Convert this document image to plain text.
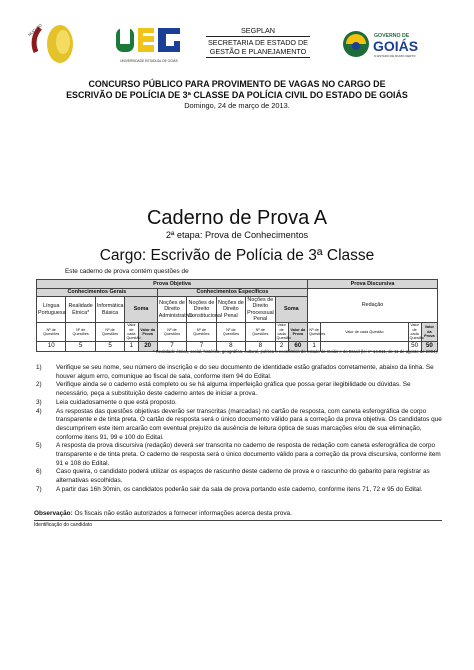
NÚCLEO
UNIVERSIDADE ESTADUAL DE GOIÁS
SEGPLAN
SECRETARIA DE ESTADO DE
GESTÃO E PLANEJAMENTO
GOVERNO DE
GOIÁS
O ESTADO DE RUMO CERTO
CONCURSO PÚBLICO PARA PROVIMENTO DE VAGAS NO CARGO DE
ESCRIVÃO DE POLÍCIA DE 3ª CLASSE DA POLÍCIA CIVIL DO ESTADO DE GOIÁS
Domingo, 24 de março de 2013.
Caderno de Prova A
2ª etapa: Prova de Conhecimentos
Cargo: Escrivão de Polícia de 3ª Classe
Este caderno de prova contém questões de
Prova Objetiva											Prova Discursiva			
Conhecimentos Gerais					Conhecimentos Específicos						Redação			
Língua Portuguesa	Realidade Étnica*	Informática Básica	Soma		Noções de Direito Administrativo	Noções de Direito Constitucional	Noções de Direito Penal	Noções de Direito Processual Penal	Soma					
Nº de Questões	Nº de Questões	Nº de Questões	Valor de cada Questão	Valor da Prova	Nº de Questões	Nº de Questões	Nº de Questões	Nº de Questões	Valor de cada Questão	Valor da Prova	Nº de Questões	Valor de cada Questão	Valor de cada Questão	Valor da Prova
10	5	5	1	20	7	7	8	8	2	60	1		50	50
* Realidade étnica, social, histórica, geográfica, cultural, política e econômica do estado de Goiás e do Brasil (lei nº 14.911, de 11 de agosto de 2004).
1) Verifique se seu nome, seu número de inscrição e do seu documento de identidade estão grafados corretamente, abaixo da linha. Se houver algum erro, comunique ao fiscal de sala, conforme item 94 do Edital.
2) Verifique ainda se o caderno está completo ou se há alguma imperfeição gráfica que possa gerar ilegibilidade ou dúvidas. Se necessário, peça a substituição deste caderno antes de iniciar a prova.
3) Leia cuidadosamente o que está proposto.
4) As respostas das questões objetivas deverão ser transcritas (marcadas) no cartão de resposta, com caneta esferográfica de corpo transparente e de tinta preta. O cartão de resposta será o único documento válido para a correção da prova objetiva. Os candidatos que descumprirem este item arcarão com eventual prejuízo da ausência de leitura óptica de suas marcações e/ou de sua eliminação, conforme itens 91, 99 e 100 do Edital.
5) A resposta da prova discursiva (redação) deverá ser transcrita no caderno de resposta de redação com caneta esferográfica de corpo transparente e de tinta preta. O caderno de resposta será o único documento válido para a correção da prova discursiva, conforme item 91 e 108 do Edital.
6) Caso queira, o candidato poderá utilizar os espaços de rascunho deste caderno de prova e o rascunho do gabarito para registrar as alternativas escolhidas.
7) A partir das 16h 30min, os candidatos poderão sair da sala de prova portando este caderno, conforme itens 71, 72 e 95 do Edital.
Observação: Os fiscais não estão autorizados a fornecer informações acerca desta prova.
Identificação do candidato
